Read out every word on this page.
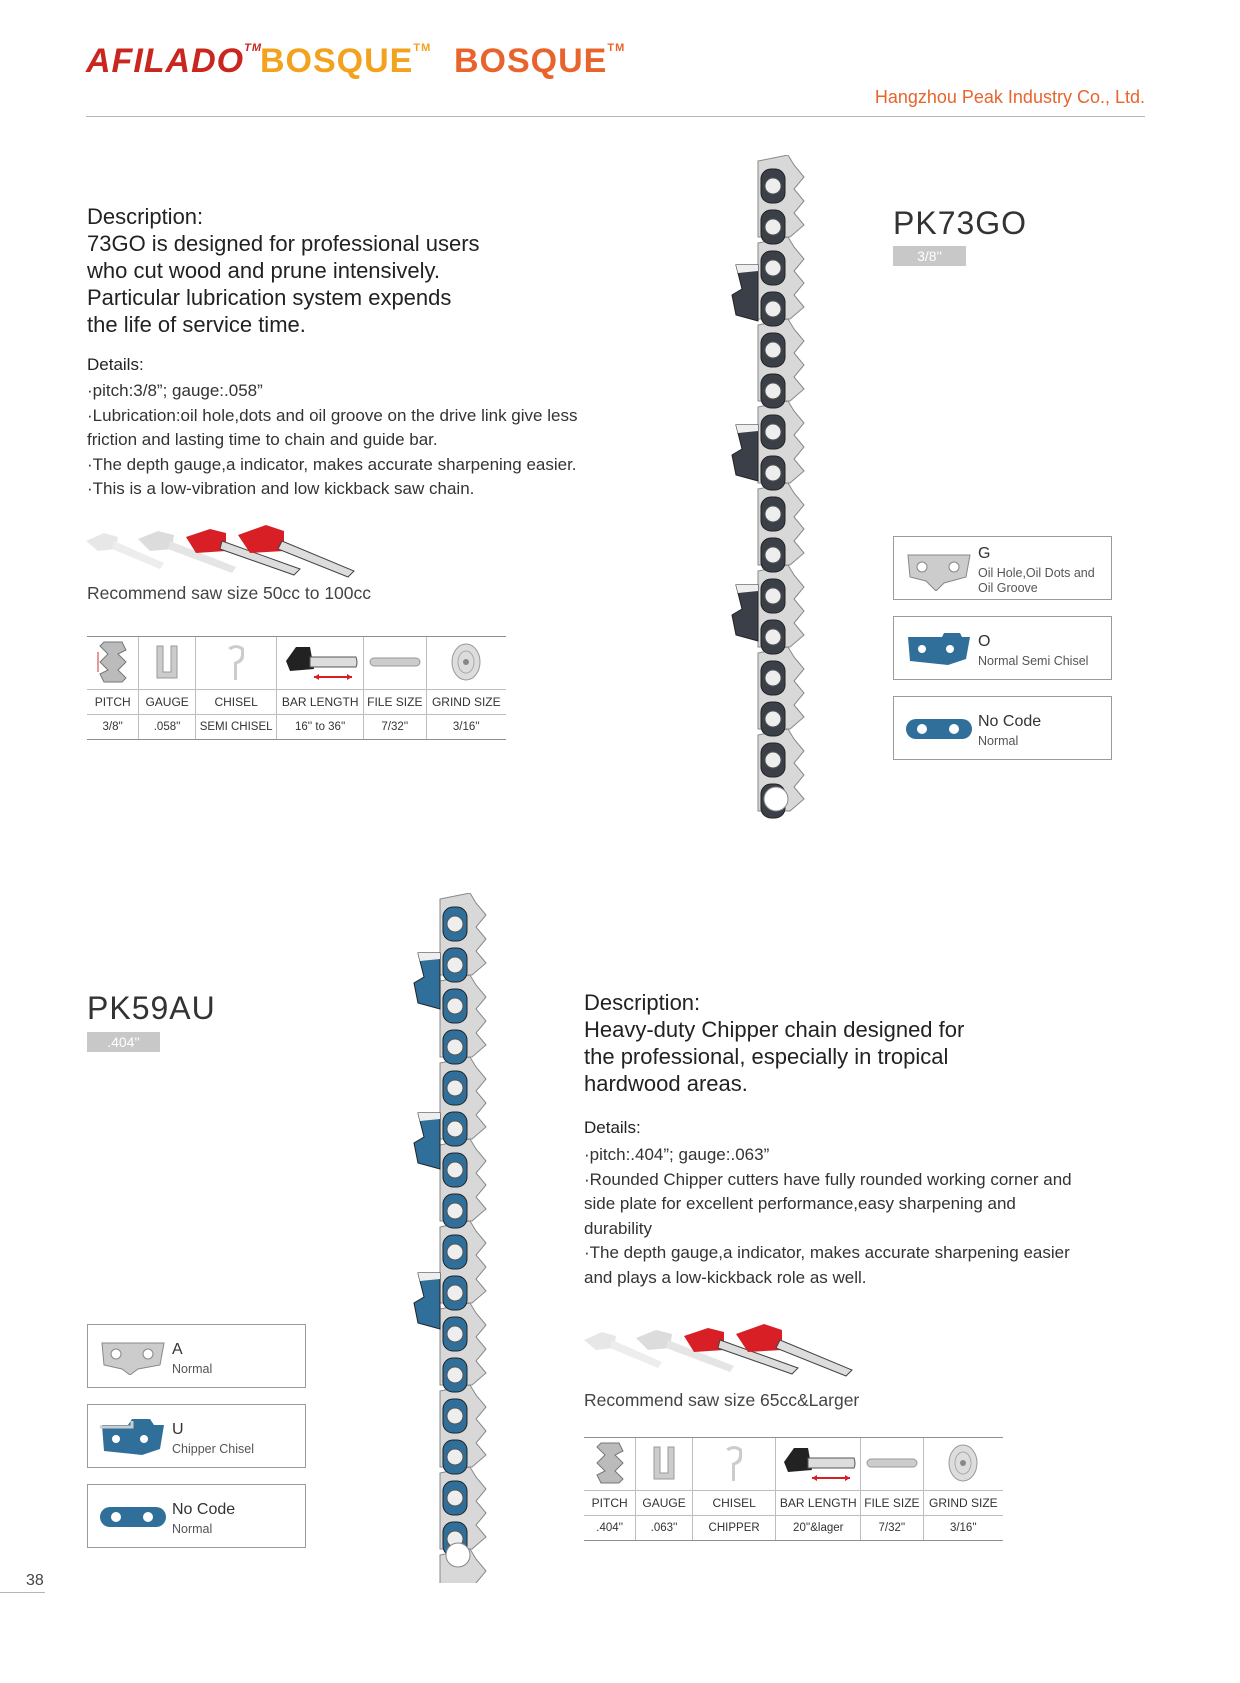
AFILADO™
BOSQUE™ BOSQUE™
Hangzhou Peak Industry Co., Ltd.
Description:
73GO is designed for professional users
who cut wood and prune intensively.
Particular lubrication system expends
the life of service time.
Details:
·pitch:3/8”; gauge:.058”
·Lubrication:oil hole,dots and oil groove on the drive link give less
friction and lasting time to chain and guide bar.
·The depth gauge,a indicator, makes accurate sharpening easier.
·This is a low-vibration and low kickback saw chain.
Recommend saw size 50cc to 100cc

PITCH	GAUGE	CHISEL	BAR LENGTH	FILE SIZE	GRIND SIZE
3/8''	.058''	SEMI CHISEL	16'' to 36''	7/32''	3/16''
PK73GO
3/8''
G
Oil Hole,Oil Dots and
Oil Groove
O
Normal Semi Chisel
No Code
Normal
PK59AU
.404''
Description:
Heavy-duty Chipper chain designed for
the professional, especially in tropical
hardwood areas.
Details:
·pitch:.404”; gauge:.063”
·Rounded Chipper cutters have fully rounded working corner and
side plate for excellent performance,easy sharpening and
durability
·The depth gauge,a indicator, makes accurate sharpening easier
and plays a low-kickback role as well.
Recommend saw size 65cc&Larger

PITCH	GAUGE	CHISEL	BAR LENGTH	FILE SIZE	GRIND SIZE
.404''	.063''	CHIPPER	20''&lager	7/32''	3/16''
A
Normal
U
Chipper Chisel
No Code
Normal
38
